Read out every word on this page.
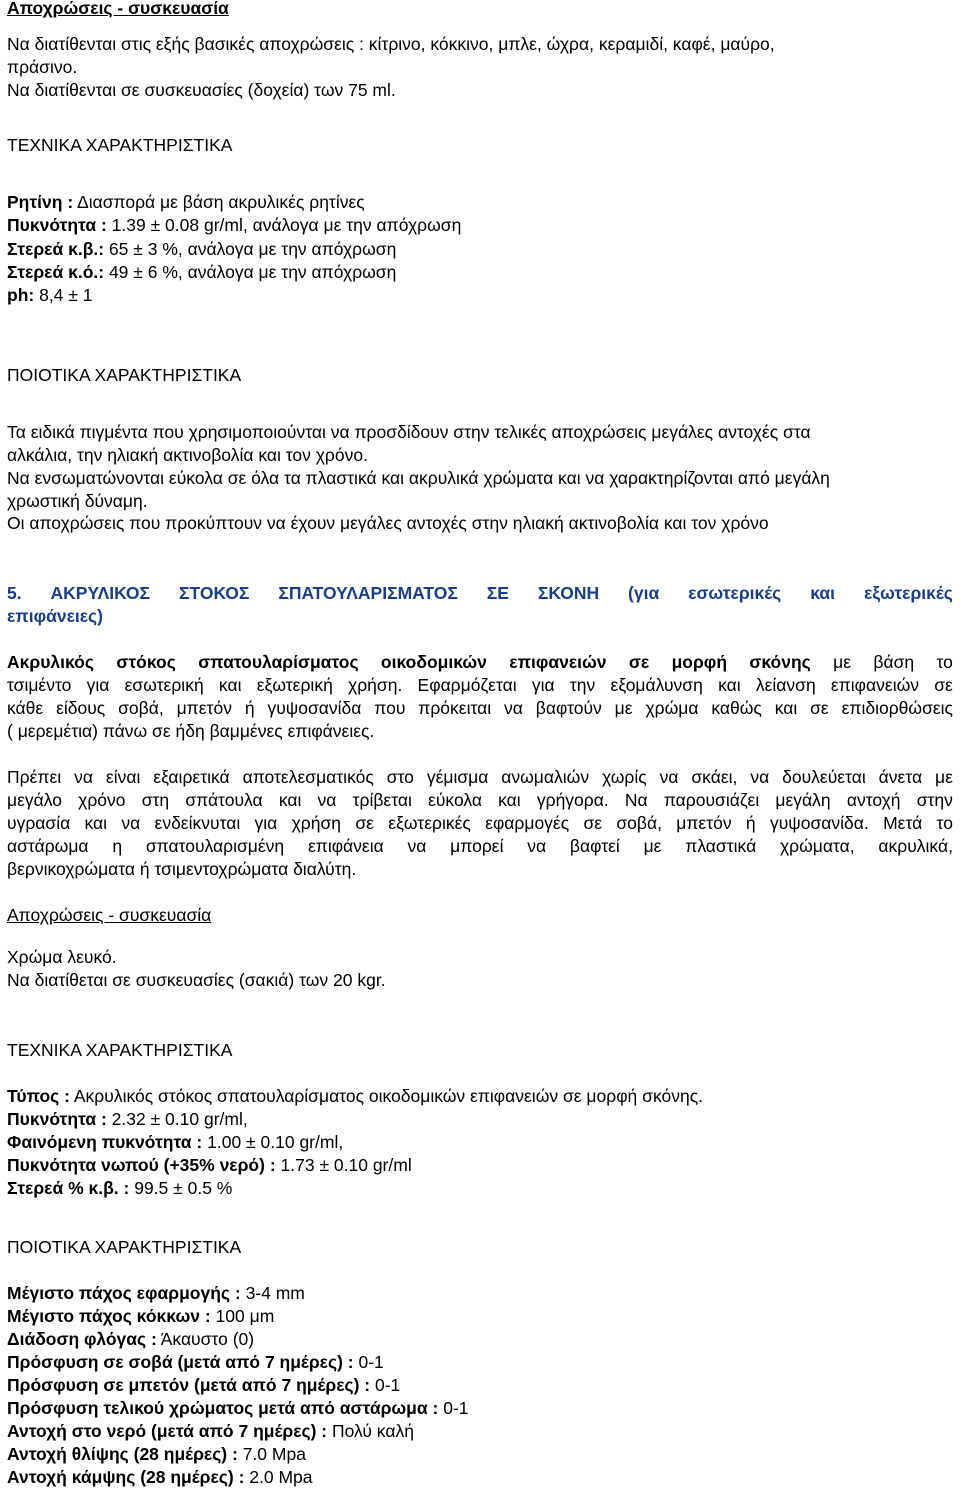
Αποχρώσεις - συσκευασία
Να διατίθενται στις εξής βασικές αποχρώσεις : κίτρινο, κόκκινο, μπλε, ώχρα, κεραμιδί, καφέ, μαύρο,
πράσινο.
Να διατίθενται σε συσκευασίες (δοχεία) των 75 ml.
ΤΕΧΝΙΚΑ ΧΑΡΑΚΤΗΡΙΣΤΙΚΑ
Ρητίνη : Διασπορά με βάση ακρυλικές ρητίνες
Πυκνότητα : 1.39 ± 0.08 gr/ml, ανάλογα με την απόχρωση
Στερεά κ.β.: 65 ± 3 %, ανάλογα με την απόχρωση
Στερεά κ.ό.: 49 ± 6 %, ανάλογα με την απόχρωση
ph: 8,4 ± 1
ΠΟΙΟΤΙΚΑ ΧΑΡΑΚΤΗΡΙΣΤΙΚΑ
Τα ειδικά πιγμέντα που χρησιμοποιούνται να προσδίδουν στην τελικές αποχρώσεις μεγάλες αντοχές στα
αλκάλια, την ηλιακή ακτινοβολία και τον χρόνο.
Να ενσωματώνονται εύκολα σε όλα τα πλαστικά και ακρυλικά χρώματα και να χαρακτηρίζονται από μεγάλη
χρωστική δύναμη.
Οι αποχρώσεις που προκύπτουν να έχουν μεγάλες αντοχές στην ηλιακή ακτινοβολία και τον χρόνο
5. ΑΚΡΥΛΙΚΟΣ ΣΤΟΚΟΣ ΣΠΑΤΟΥΛΑΡΙΣΜΑΤΟΣ ΣΕ ΣΚΟΝΗ (για εσωτερικές και εξωτερικές
επιφάνειες)
Ακρυλικός στόκος σπατουλαρίσματος οικοδομικών επιφανειών σε μορφή σκόνης με βάση το
τσιμέντο για εσωτερική και εξωτερική χρήση. Εφαρμόζεται για την εξομάλυνση και λείανση επιφανειών σε
κάθε είδους σοβά, μπετόν ή γυψοσανίδα που πρόκειται να βαφτούν με χρώμα καθώς και σε επιδιορθώσεις
( μερεμέτια) πάνω σε ήδη βαμμένες επιφάνειες.
Πρέπει να είναι εξαιρετικά αποτελεσματικός στο γέμισμα ανωμαλιών χωρίς να σκάει, να δουλεύεται άνετα με
μεγάλο χρόνο στη σπάτουλα και να τρίβεται εύκολα και γρήγορα. Να παρουσιάζει μεγάλη αντοχή στην
υγρασία και να ενδείκνυται για χρήση σε εξωτερικές εφαρμογές σε σοβά, μπετόν ή γυψοσανίδα. Μετά το
αστάρωμα η σπατουλαρισμένη επιφάνεια να μπορεί να βαφτεί με πλαστικά χρώματα, ακρυλικά,
βερνικοχρώματα ή τσιμεντοχρώματα διαλύτη.
Αποχρώσεις - συσκευασία
Χρώμα λευκό.
Να διατίθεται σε συσκευασίες (σακιά) των 20 kgr.
ΤΕΧΝΙΚΑ ΧΑΡΑΚΤΗΡΙΣΤΙΚΑ
Τύπος : Ακρυλικός στόκος σπατουλαρίσματος οικοδομικών επιφανειών σε μορφή σκόνης.
Πυκνότητα : 2.32 ± 0.10 gr/ml,
Φαινόμενη πυκνότητα : 1.00 ± 0.10 gr/ml,
Πυκνότητα νωπού (+35% νερό) : 1.73 ± 0.10 gr/ml
Στερεά % κ.β. : 99.5 ± 0.5 %
ΠΟΙΟΤΙΚΑ ΧΑΡΑΚΤΗΡΙΣΤΙΚΑ
Μέγιστο πάχος εφαρμογής : 3-4 mm
Μέγιστο πάχος κόκκων : 100 μm
Διάδοση φλόγας : Άκαυστο (0)
Πρόσφυση σε σοβά (μετά από 7 ημέρες) : 0-1
Πρόσφυση σε μπετόν (μετά από 7 ημέρες) : 0-1
Πρόσφυση τελικού χρώματος μετά από αστάρωμα : 0-1
Αντοχή στο νερό (μετά από 7 ημέρες) : Πολύ καλή
Αντοχή θλίψης (28 ημέρες) : 7.0 Mpa
Αντοχή κάμψης (28 ημέρες) : 2.0 Mpa
